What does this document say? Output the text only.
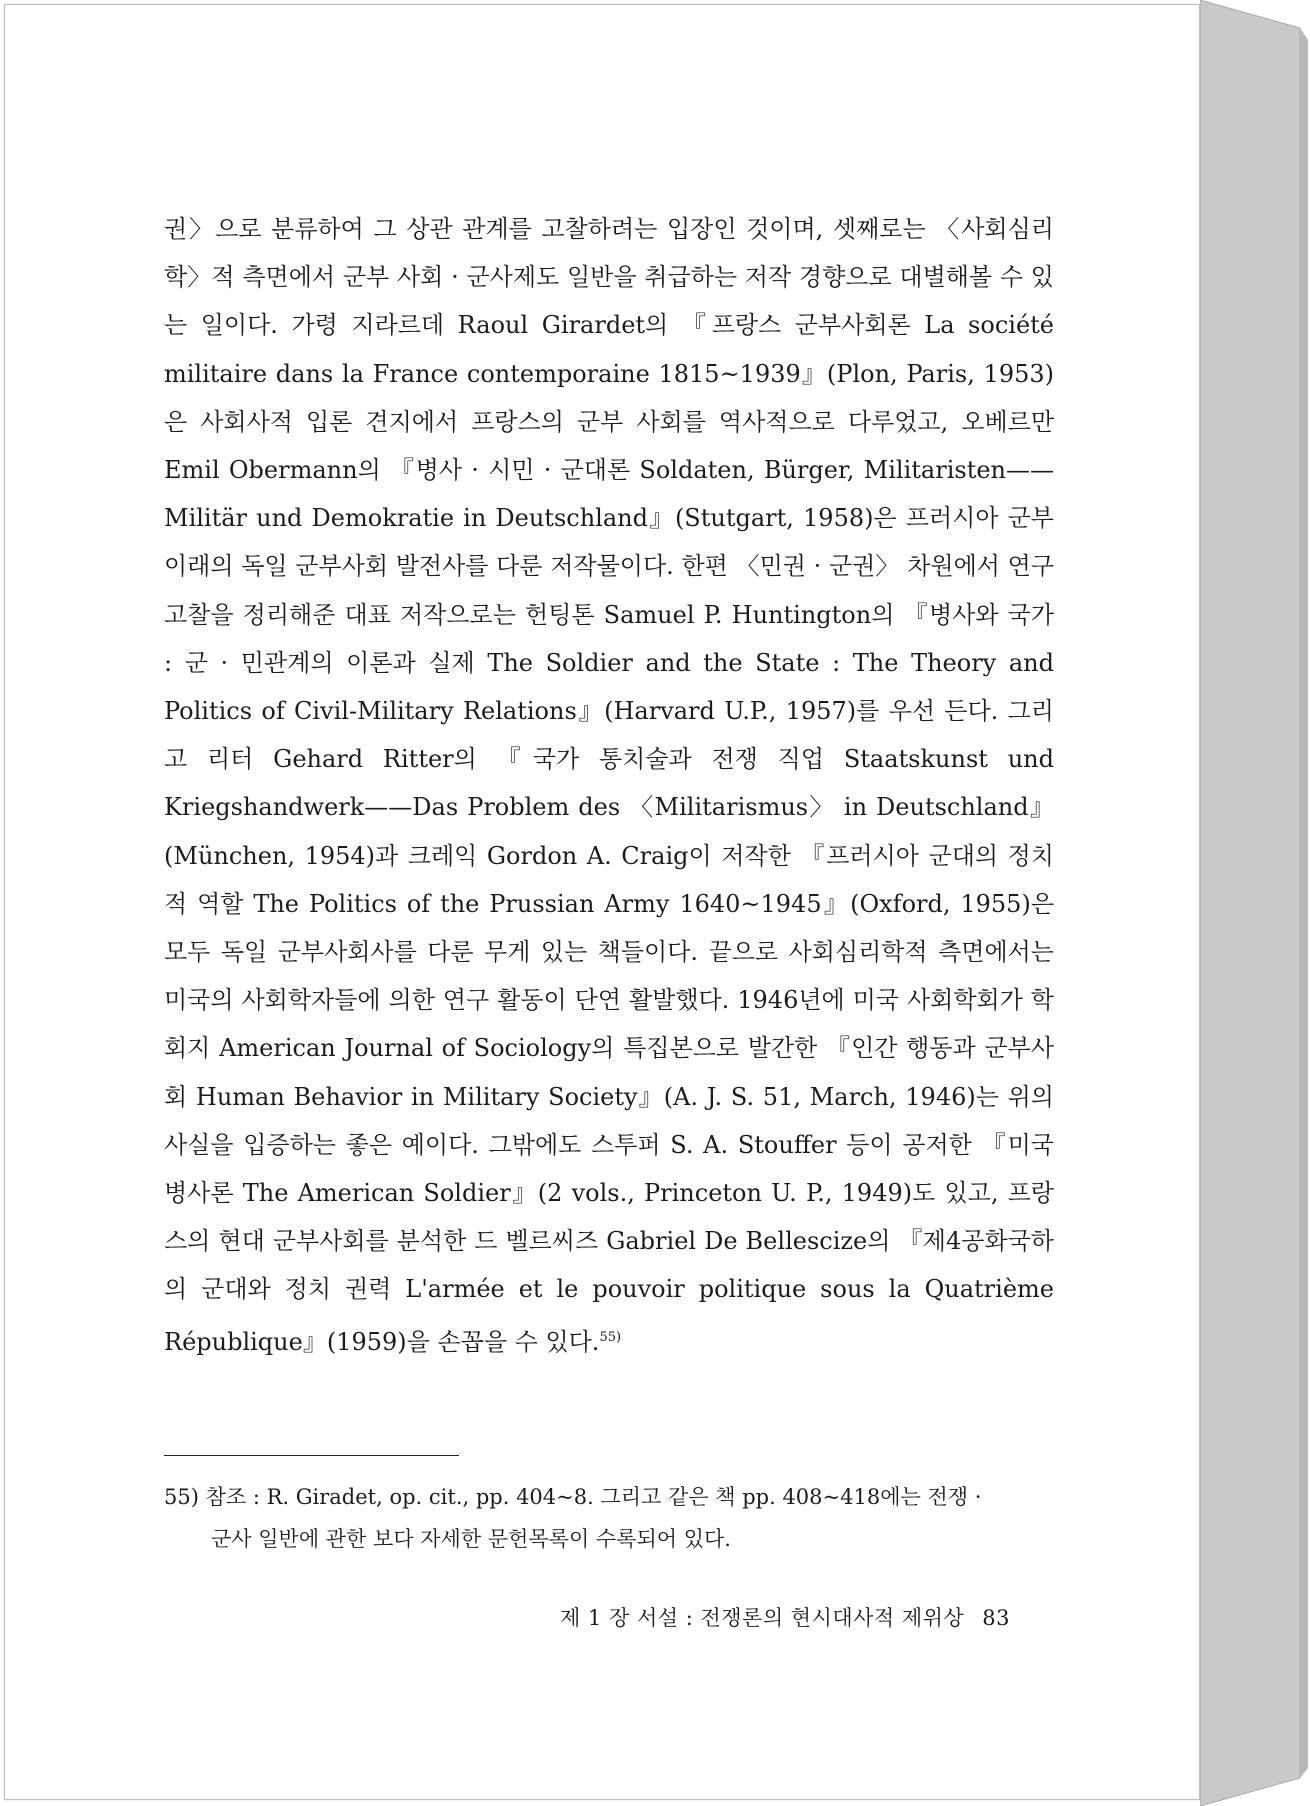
권〉으로 분류하여 그 상관 관계를 고찰하려는 입장인 것이며, 셋째로는 〈사회심리학〉적 측면에서 군부 사회 · 군사제도 일반을 취급하는 저작 경향으로 대별해볼 수 있는 일이다. 가령 지라르데 Raoul Girardet의 『프랑스 군부사회론 La société militaire dans la France contemporaine 1815~1939』(Plon, Paris, 1953)은 사회사적 입론 견지에서 프랑스의 군부 사회를 역사적으로 다루었고, 오베르만 Emil Obermann의 『병사 · 시민 · 군대론 Soldaten, Bürger, Militaristen——Militär und Demokratie in Deutschland』(Stutgart, 1958)은 프러시아 군부 이래의 독일 군부사회 발전사를 다룬 저작물이다. 한편 〈민권 · 군권〉 차원에서 연구 고찰을 정리해준 대표 저작으로는 헌팅톤 Samuel P. Huntington의 『병사와 국가 : 군 · 민관계의 이론과 실제 The Soldier and the State : The Theory and Politics of Civil-Military Relations』(Harvard U.P., 1957)를 우선 든다. 그리고 리터 Gehard Ritter의 『국가 통치술과 전쟁 직업 Staatskunst und Kriegshandwerk——Das Problem des 〈Militarismus〉 in Deutschland』(München, 1954)과 크레익 Gordon A. Craig이 저작한 『프러시아 군대의 정치적 역할 The Politics of the Prussian Army 1640~1945』(Oxford, 1955)은 모두 독일 군부사회사를 다룬 무게 있는 책들이다. 끝으로 사회심리학적 측면에서는 미국의 사회학자들에 의한 연구 활동이 단연 활발했다. 1946년에 미국 사회학회가 학회지 American Journal of Sociology의 특집본으로 발간한 『인간 행동과 군부사회 Human Behavior in Military Society』(A. J. S. 51, March, 1946)는 위의 사실을 입증하는 좋은 예이다. 그밖에도 스투퍼 S. A. Stouffer 등이 공저한 『미국 병사론 The American Soldier』(2 vols., Princeton U. P., 1949)도 있고, 프랑스의 현대 군부사회를 분석한 드 벨르씨즈 Gabriel De Bellescize의 『제4공화국하의 군대와 정치 권력 L'armée et le pouvoir politique sous la Quatrième République』(1959)을 손꼽을 수 있다.$^{55)}$

55) 참조 : R. Giradet, op. cit., pp. 404~8. 그리고 같은 책 pp. 408~418에는 전쟁 ·
군사 일반에 관한 보다 자세한 문헌목록이 수록되어 있다.
제 1 장 서설 : 전쟁론의 현시대사적 제위상 83
